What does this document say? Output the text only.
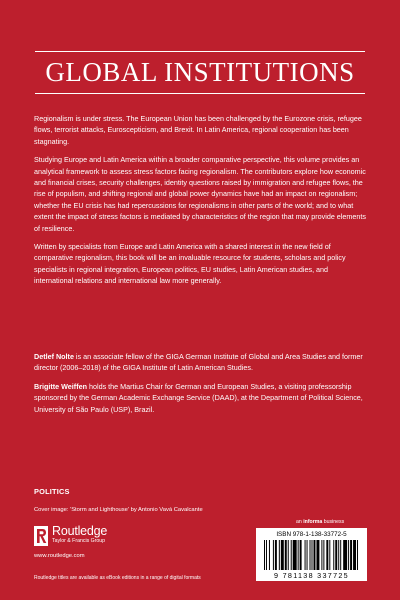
GLOBAL INSTITUTIONS

Regionalism is under stress. The European Union has been challenged by the Eurozone crisis, refugee flows, terrorist attacks, Euroscepticism, and Brexit. In Latin America, regional cooperation has been stagnating.

Studying Europe and Latin America within a broader comparative perspective, this volume provides an analytical framework to assess stress factors facing regionalism. The contributors explore how economic and financial crises, security challenges, identity questions raised by immigration and refugee flows, the rise of populism, and shifting regional and global power dynamics have had an impact on regionalism; whether the EU crisis has had repercussions for regionalisms in other parts of the world; and to what extent the impact of stress factors is mediated by characteristics of the region that may provide elements of resilience.

Written by specialists from Europe and Latin America with a shared interest in the new field of comparative regionalism, this book will be an invaluable resource for students, scholars and policy specialists in regional integration, European politics, EU studies, Latin American studies, and international relations and international law more generally.

Detlef Nolte is an associate fellow of the GIGA German Institute of Global and Area Studies and former director (2006–2018) of the GIGA Institute of Latin American Studies.

Brigitte Weiffen holds the Martius Chair for German and European Studies, a visiting professorship sponsored by the German Academic Exchange Service (DAAD), at the Department of Political Science, University of São Paulo (USP), Brazil.

POLITICS
Cover image: 'Storm and Lighthouse' by Antonio Vavá Cavalcante
Routledge
Taylor & Francis Group
www.routledge.com
an informa business
ISBN 978-1-138-33772-5
9 781138 337725
Routledge titles are available as eBook editions in a range of digital formats
